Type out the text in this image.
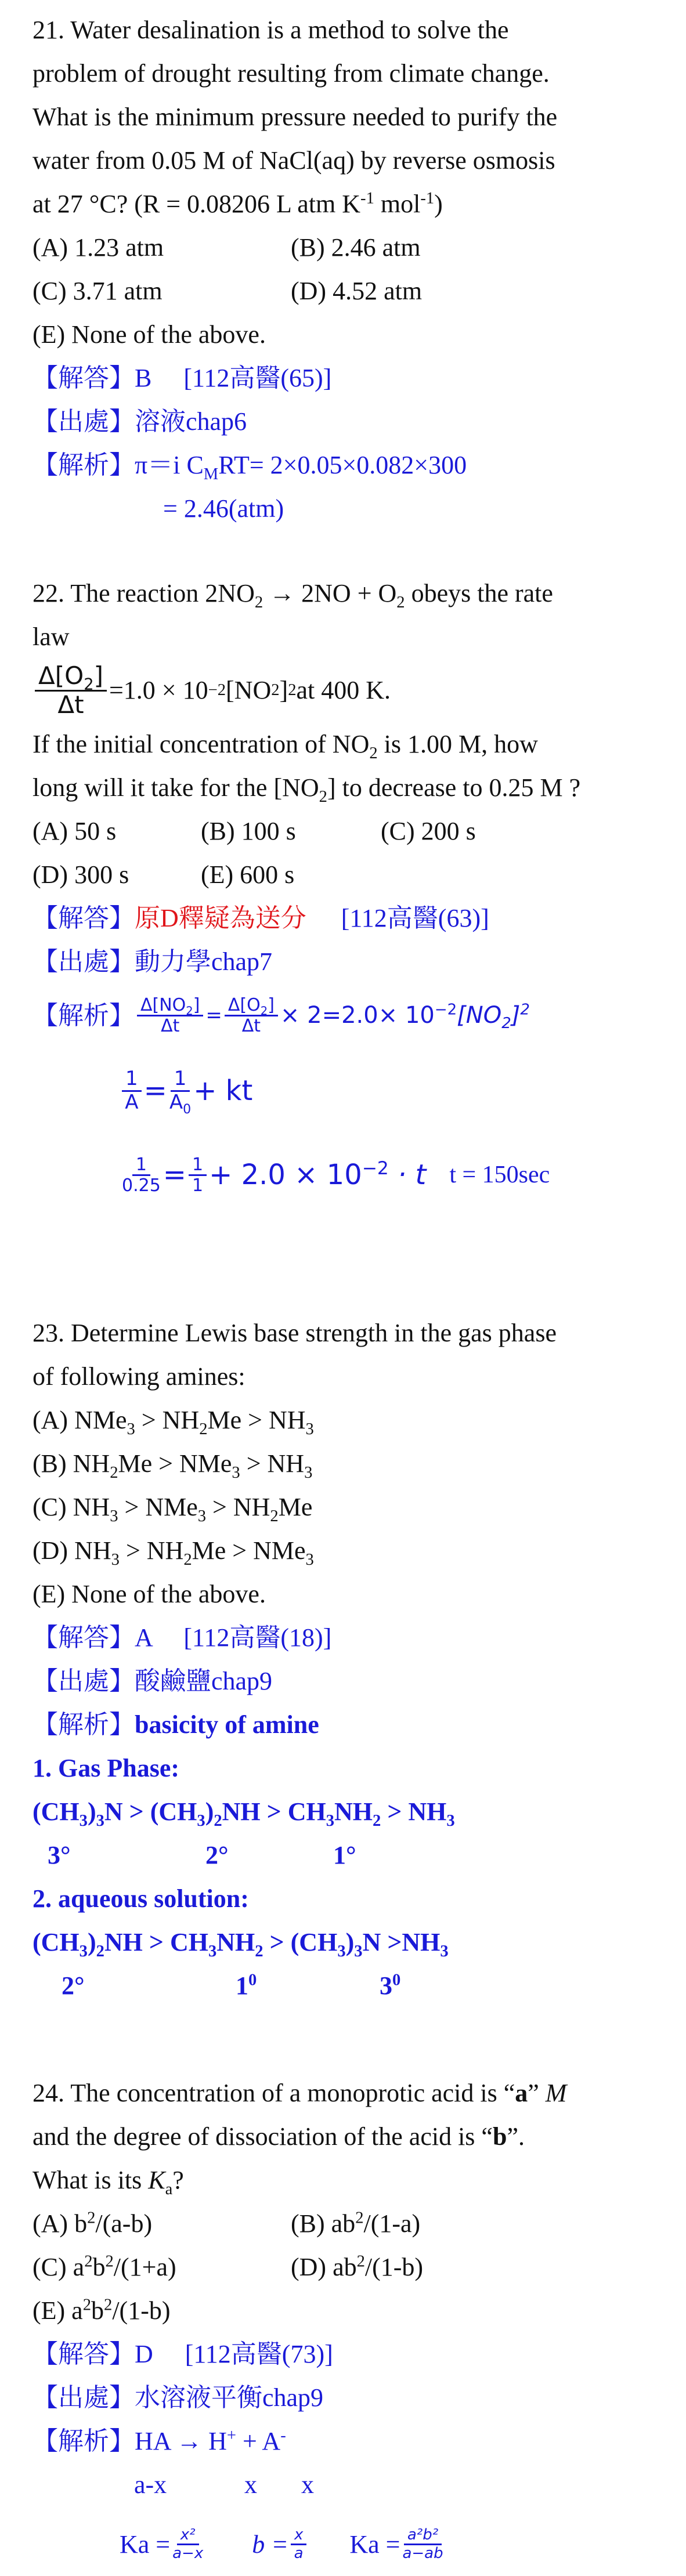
21. Water desalination is a method to solve the
problem of drought resulting from climate change.
What is the minimum pressure needed to purify the
water from 0.05 M of NaCl(aq) by reverse osmosis
at 27 °C? (R = 0.08206 L atm $K^{-1}$ mol$^{-1}$)
(A) 1.23 atm	(B) 2.46 atm
(C) 3.71 atm	(D) 4.52 atm
(E) None of the above.
【解答】B　 [112高醫(65)]
【出處】溶液chap6
【解析】π＝i $C_MRT= 2\times 0.05\times 0.082\times 300$
= 2.46(atm)
22. The reaction $2NO_2 \to 2NO + O_2$ obeys the rate
law
$\frac{\Delta[O_2]}{\Delta t} =1.0 \times 10 -2$ [NO 2 ] 2 at 400 K.
If the initial concentration of $NO_2$ is 1.00 M, how
long will it take for the $[NO_2]$ to decrease to 0.25 M ?
(A) 50 s	(B) 100 s	(C) 200 s
(D) 300 s	(E) 600 s
【解答】原D釋疑為送分 [112高醫(63)]
【出處】動力學chap7
【解析】 $\frac{\Delta[NO_2]}{\Delta t} = \frac{\Delta[O_2]}{\Delta t} \times 2=2.0\times 10^{-2}[NO_2]^2$
$\frac{1}{A} = \frac{1}{A_0}$ + kt
$\frac{1}{0.25} = \frac{1}{1} + 2.0 \times 10^{-2} \cdot t$ t = 150sec
23. Determine Lewis base strength in the gas phase
of following amines:
(A) $NMe_3 > NH_2Me > NH_3$
(B) $NH_2Me > NMe_3 > NH_3$
(C) $NH_3 > NMe_3 > NH_2Me$
(D) $NH_3 > NH_2Me > NMe_3$
(E) None of the above.
【解答】A　 [112高醫(18)]
【出處】酸鹼鹽chap9
【解析】basicity of amine
1. Gas Phase:
$(CH_3)_3N > (CH_3)_2NH > CH_3NH_2 > NH_3$
3°	2°	1°
2. aqueous solution:
$(CH_3)_2NH > CH_3NH_2 > (CH_3)_3N >NH_3$
2°	$1^0$	$3^0$
24. The concentration of a monoprotic acid is “a” M
and the degree of dissociation of the acid is “b”.
What is its $K_a$?
(A) $b^2/(a-b)$	(B) $ab^2/(1-a)$
(C) $a^2b^2/(1+a)$	(D) $ab^2/(1-b)$
(E) $a^2b^2/(1-b)$
【解答】D　 [112高醫(73)]
【出處】水溶液平衡chap9
【解析】HA → H+ + A-
a-x	x x
$Ka = \frac{\text{x²}}{a-x}$ $b = \frac{x}{a}$ $Ka = \frac{\text{a²b²}}{a-ab}$
